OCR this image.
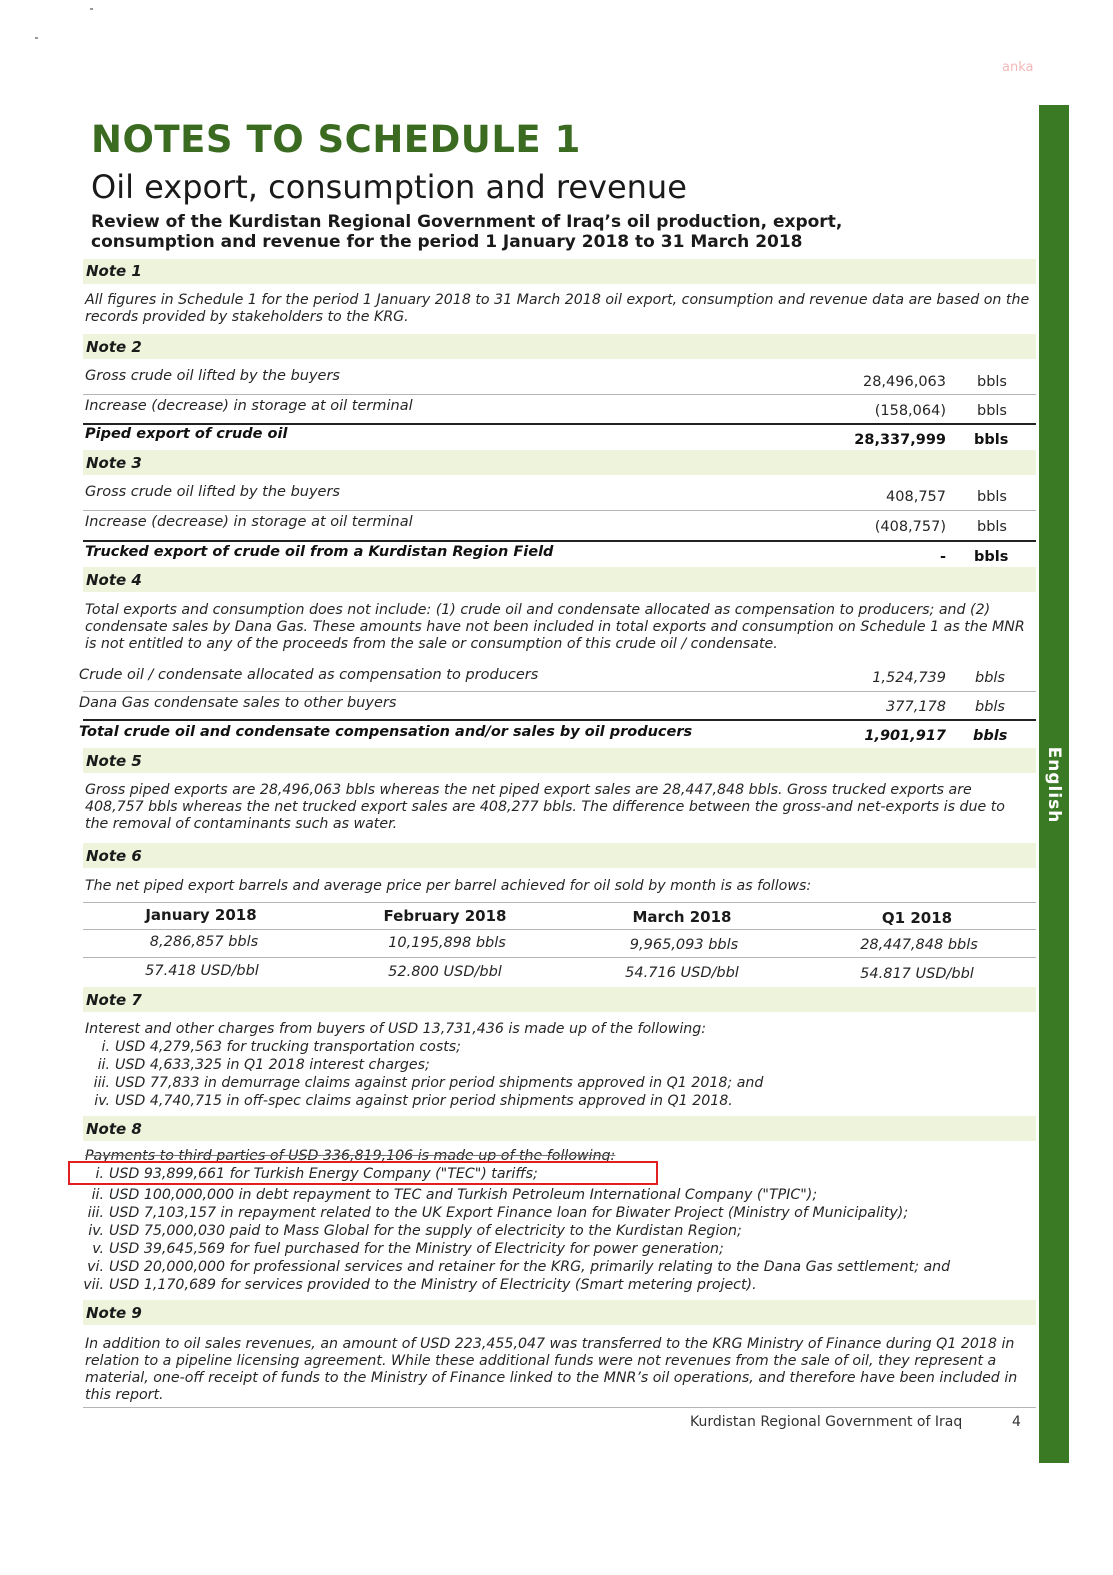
anka
English
NOTES TO SCHEDULE 1
Oil export, consumption and revenue
Review of the Kurdistan Regional Government of Iraq’s oil production, export, consumption and revenue for the period 1 January 2018 to 31 March 2018
Note 1
All figures in Schedule 1 for the period 1 January 2018 to 31 March 2018 oil export, consumption and revenue data are based on the records provided by stakeholders to the KRG.
Note 2
Gross crude oil lifted by the buyers	28,496,063 bbls
Increase (decrease) in storage at oil terminal	(158,064) bbls
Piped export of crude oil	28,337,999 bbls
Note 3
Gross crude oil lifted by the buyers	408,757 bbls
Increase (decrease) in storage at oil terminal	(408,757) bbls
Trucked export of crude oil from a Kurdistan Region Field	- bbls
Note 4
Total exports and consumption does not include: (1) crude oil and condensate allocated as compensation to producers; and (2) condensate sales by Dana Gas. These amounts have not been included in total exports and consumption on Schedule 1 as the MNR is not entitled to any of the proceeds from the sale or consumption of this crude oil / condensate.
Crude oil / condensate allocated as compensation to producers	1,524,739 bbls
Dana Gas condensate sales to other buyers	377,178 bbls
Total crude oil and condensate compensation and/or sales by oil producers	1,901,917 bbls
Note 5
Gross piped exports are 28,496,063 bbls whereas the net piped export sales are 28,447,848 bbls. Gross trucked exports are 408,757 bbls whereas the net trucked export sales are 408,277 bbls. The difference between the gross-and net-exports is due to the removal of contaminants such as water.
Note 6
The net piped export barrels and average price per barrel achieved for oil sold by month is as follows:
January 2018	February 2018	March 2018	Q1 2018
8,286,857 bbls	10,195,898 bbls	9,965,093 bbls	28,447,848 bbls
57.418 USD/bbl	52.800 USD/bbl	54.716 USD/bbl	54.817 USD/bbl
Note 7
Interest and other charges from buyers of USD 13,731,436 is made up of the following:
i. USD 4,279,563 for trucking transportation costs;
ii. USD 4,633,325 in Q1 2018 interest charges;
iii. USD 77,833 in demurrage claims against prior period shipments approved in Q1 2018; and
iv. USD 4,740,715 in off-spec claims against prior period shipments approved in Q1 2018.
Note 8
Payments to third parties of USD 336,819,106 is made up of the following:
i. USD 93,899,661 for Turkish Energy Company ("TEC") tariffs;
ii. USD 100,000,000 in debt repayment to TEC and Turkish Petroleum International Company ("TPIC");
iii. USD 7,103,157 in repayment related to the UK Export Finance loan for Biwater Project (Ministry of Municipality);
iv. USD 75,000,030 paid to Mass Global for the supply of electricity to the Kurdistan Region;
v. USD 39,645,569 for fuel purchased for the Ministry of Electricity for power generation;
vi. USD 20,000,000 for professional services and retainer for the KRG, primarily relating to the Dana Gas settlement; and
vii. USD 1,170,689 for services provided to the Ministry of Electricity (Smart metering project).
Note 9
In addition to oil sales revenues, an amount of USD 223,455,047 was transferred to the KRG Ministry of Finance during Q1 2018 in relation to a pipeline licensing agreement. While these additional funds were not revenues from the sale of oil, they represent a material, one-off receipt of funds to the Ministry of Finance linked to the MNR’s oil operations, and therefore have been included in this report.
Kurdistan Regional Government of Iraq	4
